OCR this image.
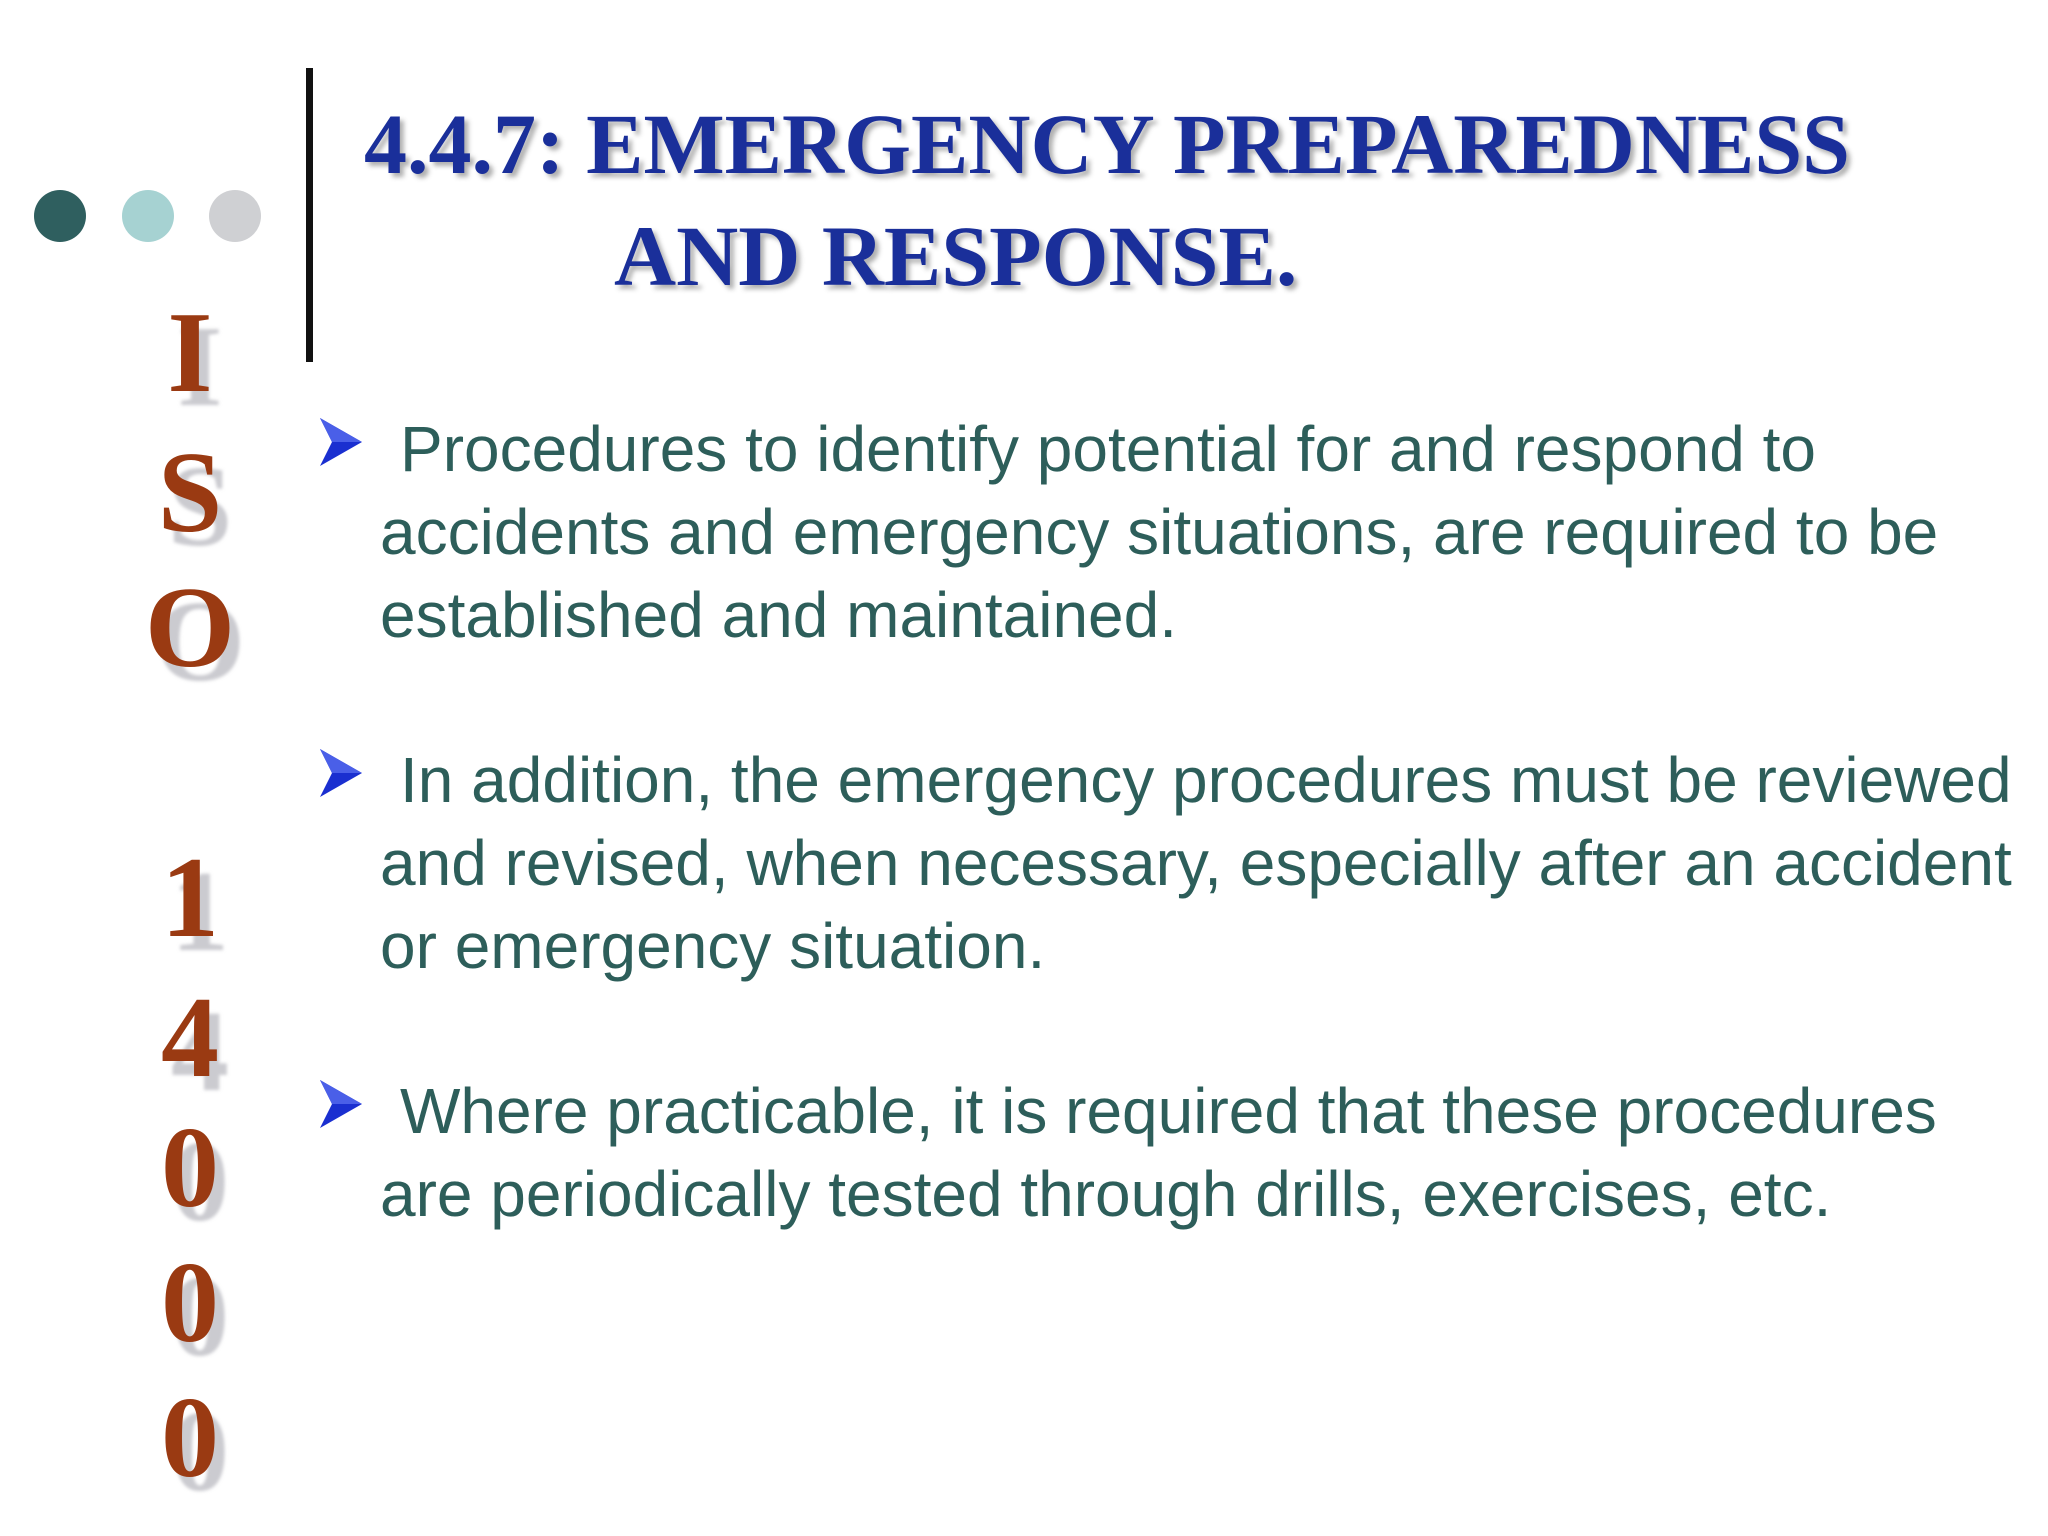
4.4.7: EMERGENCY PREPAREDNESS
AND RESPONSE.
I
S
O
1
4
0
0
0
Procedures to identify potential for and respond to accidents and emergency situations, are required to be established and maintained.
In addition, the emergency procedures must be reviewed and revised, when necessary, especially after an accident or emergency situation.
Where practicable, it is required that these procedures are periodically tested through drills, exercises, etc.
